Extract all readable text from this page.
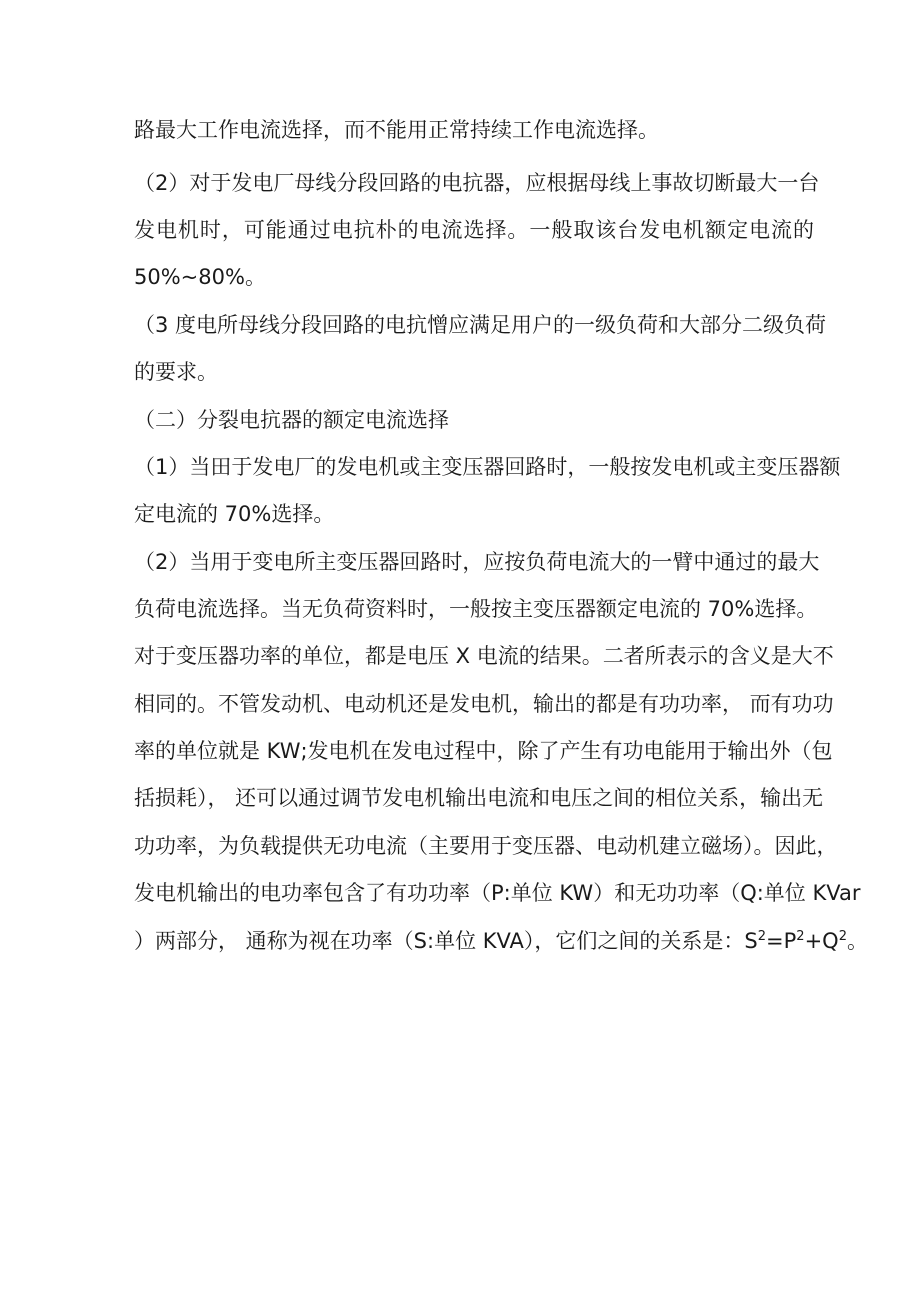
路最大工作电流选择，而不能用正常持续工作电流选择。
（2）对于发电厂母线分段回路的电抗器，应根据母线上事故切断最大一台
发电机时，可能通过电抗朴的电流选择。一般取该台发电机额定电流的
50%~80%。
（3 度电所母线分段回路的电抗憎应满足用户的一级负荷和大部分二级负荷
的要求。
（二）分裂电抗器的额定电流选择
（1）当田于发电厂的发电机或主变压器回路时，一般按发电机或主变压器额
定电流的 70%选择。
（2）当用于变电所主变压器回路时，应按负荷电流大的一臂中通过的最大
负荷电流选择。当无负荷资料时，一般按主变压器额定电流的 70%选择。
对于变压器功率的单位，都是电压 X 电流的结果。二者所表示的含义是大不
相同的。不管发动机、电动机还是发电机，输出的都是有功功率， 而有功功
率的单位就是 KW;发电机在发电过程中，除了产生有功电能用于输出外（包
括损耗）， 还可以通过调节发电机输出电流和电压之间的相位关系，输出无
功功率，为负载提供无功电流（主要用于变压器、电动机建立磁场）。因此，
发电机输出的电功率包含了有功功率（P:单位 KW）和无功功率（Q:单位 KVar
）两部分， 通称为视在功率（S:单位 KVA），它们之间的关系是：$S^2=P^2+Q^2$。
